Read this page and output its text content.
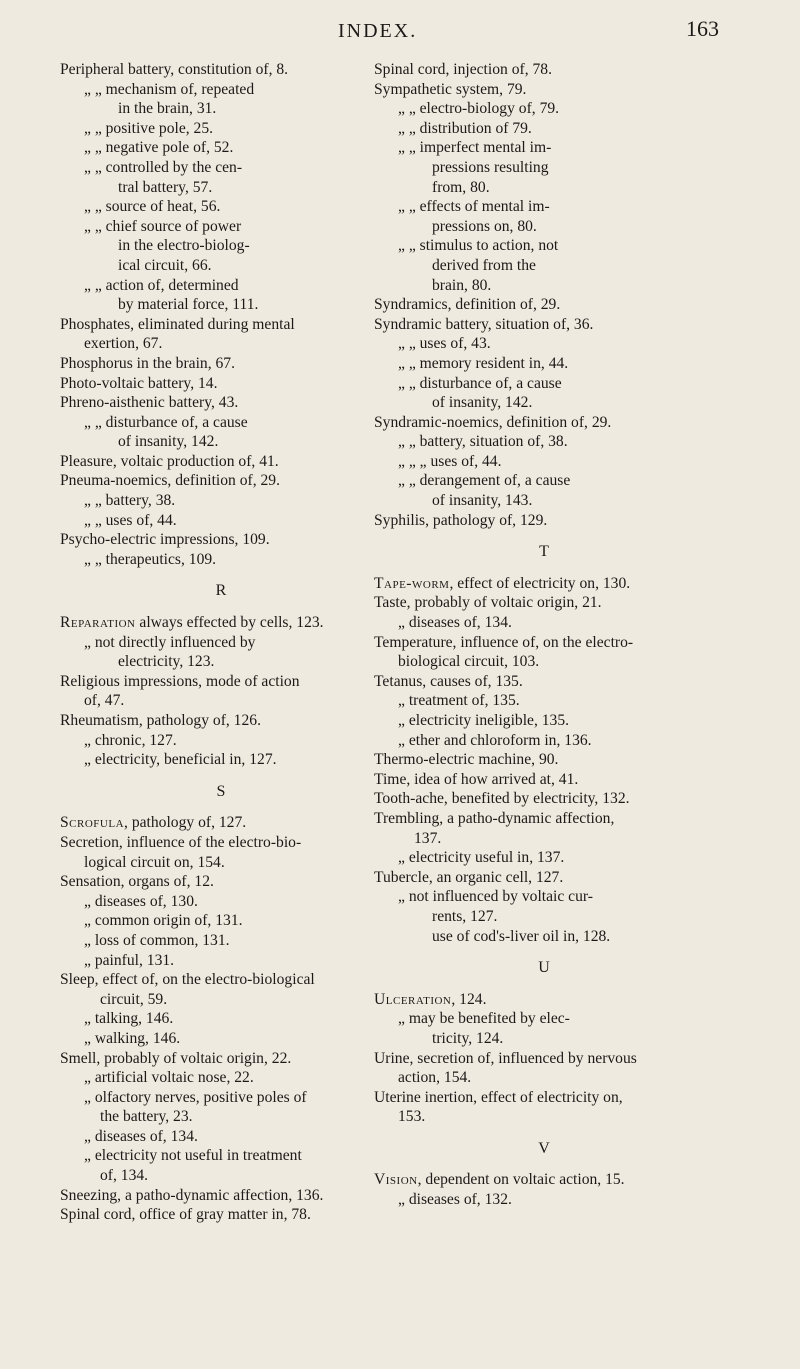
INDEX.	163
Peripheral battery, constitution of, 8.
„ „ mechanism of, repeated
in the brain, 31.
„ „ positive pole, 25.
„ „ negative pole of, 52.
„ „ controlled by the cen-
tral battery, 57.
„ „ source of heat, 56.
„ „ chief source of power
in the electro-biolog-
ical circuit, 66.
„ „ action of, determined
by material force, 111.
Phosphates, eliminated during mental
exertion, 67.
Phosphorus in the brain, 67.
Photo-voltaic battery, 14.
Phreno-aisthenic battery, 43.
„ „ disturbance of, a cause
of insanity, 142.
Pleasure, voltaic production of, 41.
Pneuma-noemics, definition of, 29.
„ „ battery, 38.
„ „ uses of, 44.
Psycho-electric impressions, 109.
„ „ therapeutics, 109.
R
Reparation always effected by cells, 123.
„ not directly influenced by
electricity, 123.
Religious impressions, mode of action
of, 47.
Rheumatism, pathology of, 126.
„ chronic, 127.
„ electricity, beneficial in, 127.
S
Scrofula, pathology of, 127.
Secretion, influence of the electro-bio-
logical circuit on, 154.
Sensation, organs of, 12.
„ diseases of, 130.
„ common origin of, 131.
„ loss of common, 131.
„ painful, 131.
Sleep, effect of, on the electro-biological
circuit, 59.
„ talking, 146.
„ walking, 146.
Smell, probably of voltaic origin, 22.
„ artificial voltaic nose, 22.
„ olfactory nerves, positive poles of
the battery, 23.
„ diseases of, 134.
„ electricity not useful in treatment
of, 134.
Sneezing, a patho-dynamic affection, 136.
Spinal cord, office of gray matter in, 78.
Spinal cord, injection of, 78.
Sympathetic system, 79.
„ „ electro-biology of, 79.
„ „ distribution of 79.
„ „ imperfect mental im-
pressions resulting
from, 80.
„ „ effects of mental im-
pressions on, 80.
„ „ stimulus to action, not
derived from the
brain, 80.
Syndramics, definition of, 29.
Syndramic battery, situation of, 36.
„ „ uses of, 43.
„ „ memory resident in, 44.
„ „ disturbance of, a cause
of insanity, 142.
Syndramic-noemics, definition of, 29.
„ „ battery, situation of, 38.
„ „ „ uses of, 44.
„ „ derangement of, a cause
of insanity, 143.
Syphilis, pathology of, 129.
T
Tape-worm, effect of electricity on, 130.
Taste, probably of voltaic origin, 21.
„ diseases of, 134.
Temperature, influence of, on the electro-
biological circuit, 103.
Tetanus, causes of, 135.
„ treatment of, 135.
„ electricity ineligible, 135.
„ ether and chloroform in, 136.
Thermo-electric machine, 90.
Time, idea of how arrived at, 41.
Tooth-ache, benefited by electricity, 132.
Trembling, a patho-dynamic affection,
137.
„ electricity useful in, 137.
Tubercle, an organic cell, 127.
„ not influenced by voltaic cur-
rents, 127.
use of cod's-liver oil in, 128.
U
Ulceration, 124.
„ may be benefited by elec-
tricity, 124.
Urine, secretion of, influenced by nervous
action, 154.
Uterine inertion, effect of electricity on,
153.
V
Vision, dependent on voltaic action, 15.
„ diseases of, 132.
